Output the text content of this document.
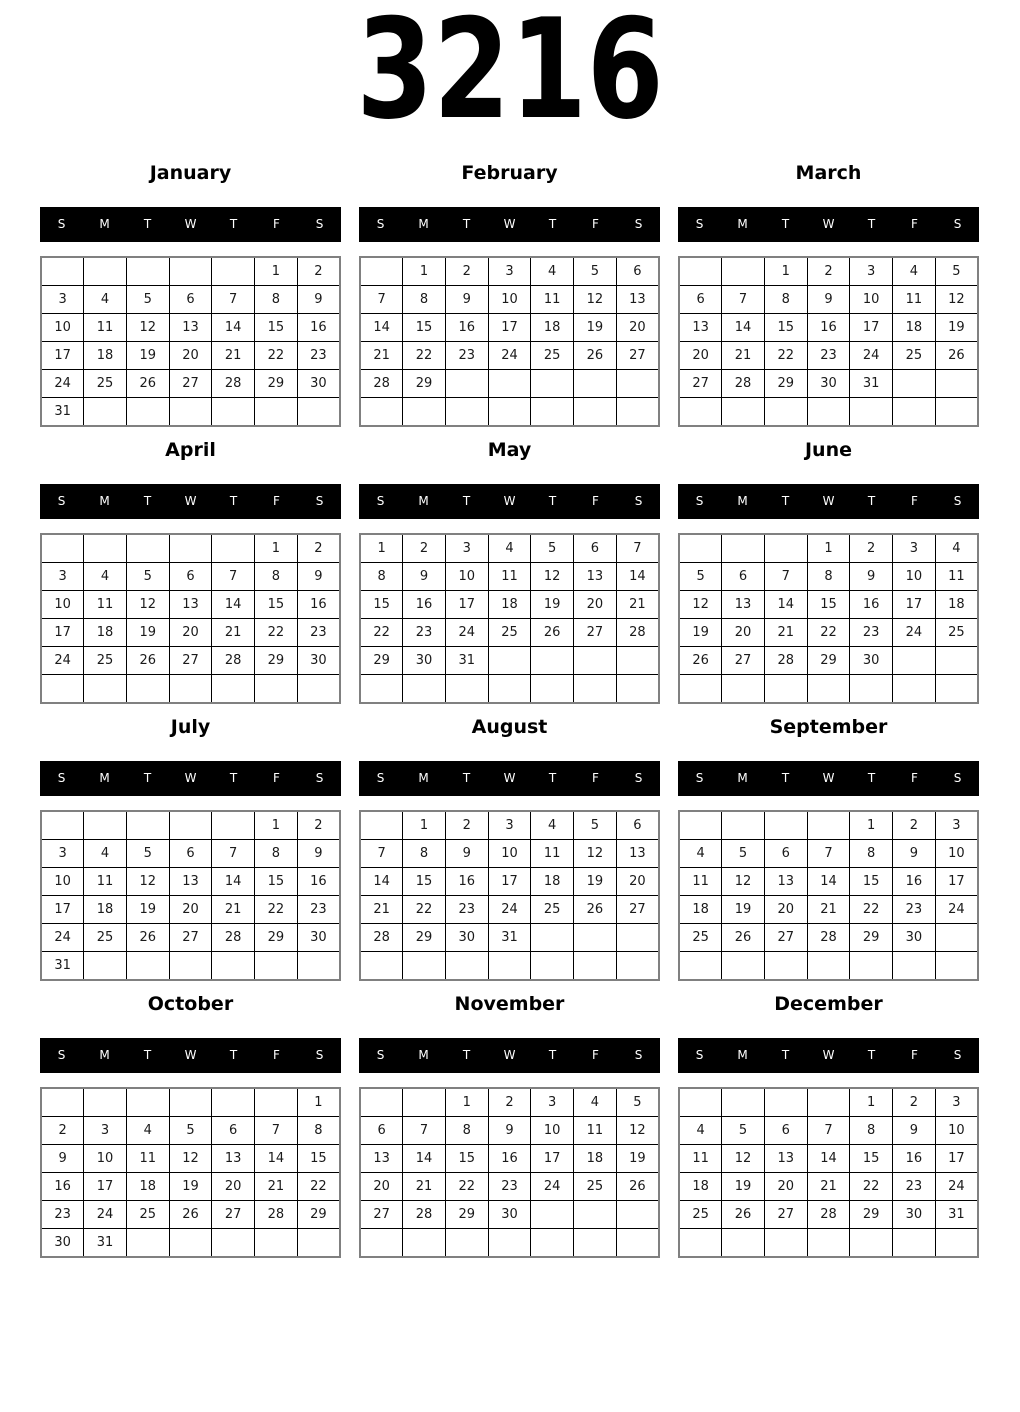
3216
January
S	M	T	W	T	F	S
					1	2
3	4	5	6	7	8	9
10	11	12	13	14	15	16
17	18	19	20	21	22	23
24	25	26	27	28	29	30
31						
February
S	M	T	W	T	F	S
	1	2	3	4	5	6
7	8	9	10	11	12	13
14	15	16	17	18	19	20
21	22	23	24	25	26	27
28	29					

March
S	M	T	W	T	F	S
		1	2	3	4	5
6	7	8	9	10	11	12
13	14	15	16	17	18	19
20	21	22	23	24	25	26
27	28	29	30	31		

April
S	M	T	W	T	F	S
					1	2
3	4	5	6	7	8	9
10	11	12	13	14	15	16
17	18	19	20	21	22	23
24	25	26	27	28	29	30

May
S	M	T	W	T	F	S
1	2	3	4	5	6	7
8	9	10	11	12	13	14
15	16	17	18	19	20	21
22	23	24	25	26	27	28
29	30	31				

June
S	M	T	W	T	F	S
			1	2	3	4
5	6	7	8	9	10	11
12	13	14	15	16	17	18
19	20	21	22	23	24	25
26	27	28	29	30		

July
S	M	T	W	T	F	S
					1	2
3	4	5	6	7	8	9
10	11	12	13	14	15	16
17	18	19	20	21	22	23
24	25	26	27	28	29	30
31						
August
S	M	T	W	T	F	S
	1	2	3	4	5	6
7	8	9	10	11	12	13
14	15	16	17	18	19	20
21	22	23	24	25	26	27
28	29	30	31			

September
S	M	T	W	T	F	S
				1	2	3
4	5	6	7	8	9	10
11	12	13	14	15	16	17
18	19	20	21	22	23	24
25	26	27	28	29	30	

October
S	M	T	W	T	F	S
						1
2	3	4	5	6	7	8
9	10	11	12	13	14	15
16	17	18	19	20	21	22
23	24	25	26	27	28	29
30	31					
November
S	M	T	W	T	F	S
		1	2	3	4	5
6	7	8	9	10	11	12
13	14	15	16	17	18	19
20	21	22	23	24	25	26
27	28	29	30			

December
S	M	T	W	T	F	S
				1	2	3
4	5	6	7	8	9	10
11	12	13	14	15	16	17
18	19	20	21	22	23	24
25	26	27	28	29	30	31
